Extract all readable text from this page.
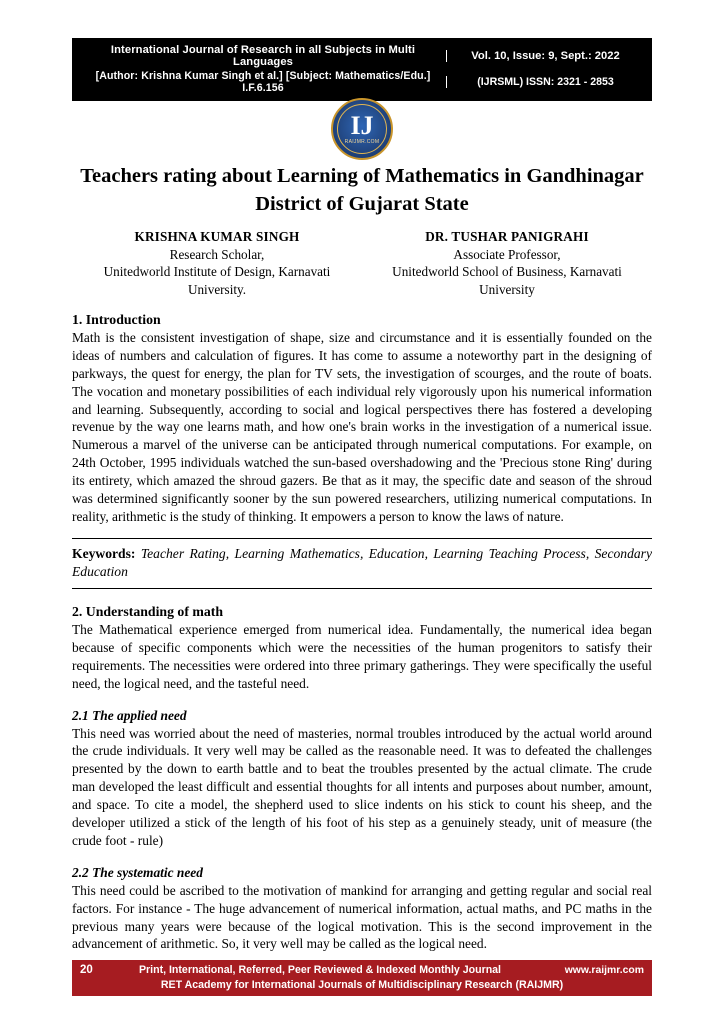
International Journal of Research in all Subjects in Multi Languages	Vol. 10, Issue: 9, Sept.: 2022
[Author: Krishna Kumar Singh et al.] [Subject: Mathematics/Edu.] I.F.6.156	(IJRSML) ISSN: 2321 - 2853
IJ
RAIJMR.COM
Teachers rating about Learning of Mathematics in Gandhinagar District of Gujarat State
KRISHNA KUMAR SINGH
Research Scholar,
Unitedworld Institute of Design, Karnavati
University.
DR. TUSHAR PANIGRAHI
Associate Professor,
Unitedworld School of Business, Karnavati
University
1. Introduction

Math is the consistent investigation of shape, size and circumstance and it is essentially founded on the ideas of numbers and calculation of figures. It has come to assume a noteworthy part in the designing of parkways, the quest for energy, the plan for TV sets, the investigation of scourges, and the route of boats. The vocation and monetary possibilities of each individual rely vigorously upon his numerical information and learning. Subsequently, according to social and logical perspectives there has fostered a developing revenue by the way one learns math, and how one's brain works in the investigation of a numerical issue. Numerous a marvel of the universe can be anticipated through numerical computations. For example, on 24th October, 1995 individuals watched the sun-based overshadowing and the 'Precious stone Ring' during its entirety, which amazed the shroud gazers. Be that as it may, the specific date and season of the shroud was determined significantly sooner by the sun powered researchers, utilizing numerical computations. In reality, arithmetic is the study of thinking. It empowers a person to know the laws of nature.

Keywords: Teacher Rating, Learning Mathematics, Education, Learning Teaching Process, Secondary Education
2. Understanding of math

The Mathematical experience emerged from numerical idea. Fundamentally, the numerical idea began because of specific components which were the necessities of the human progenitors to satisfy their requirements. The necessities were ordered into three primary gatherings. They were specifically the useful need, the logical need, and the tasteful need.

2.1 The applied need

This need was worried about the need of masteries, normal troubles introduced by the actual world around the crude individuals. It very well may be called as the reasonable need. It was to defeated the challenges presented by the down to earth battle and to beat the troubles presented by the actual climate. The crude man developed the least difficult and essential thoughts for all intents and purposes about number, amount, and space. To cite a model, the shepherd used to slice indents on his stick to count his sheep, and the developer utilized a stick of the length of his foot of his step as a genuinely steady, unit of measure (the crude foot - rule)

2.2 The systematic need

This need could be ascribed to the motivation of mankind for arranging and getting regular and social real factors. For instance - The huge advancement of numerical information, actual maths, and PC maths in the previous many years were because of the logical motivation. This is the second improvement in the advancement of arithmetic. So, it very well may be called as the logical need.

20	Print, International, Referred, Peer Reviewed & Indexed Monthly Journal	www.raijmr.com
RET Academy for International Journals of Multidisciplinary Research (RAIJMR)
